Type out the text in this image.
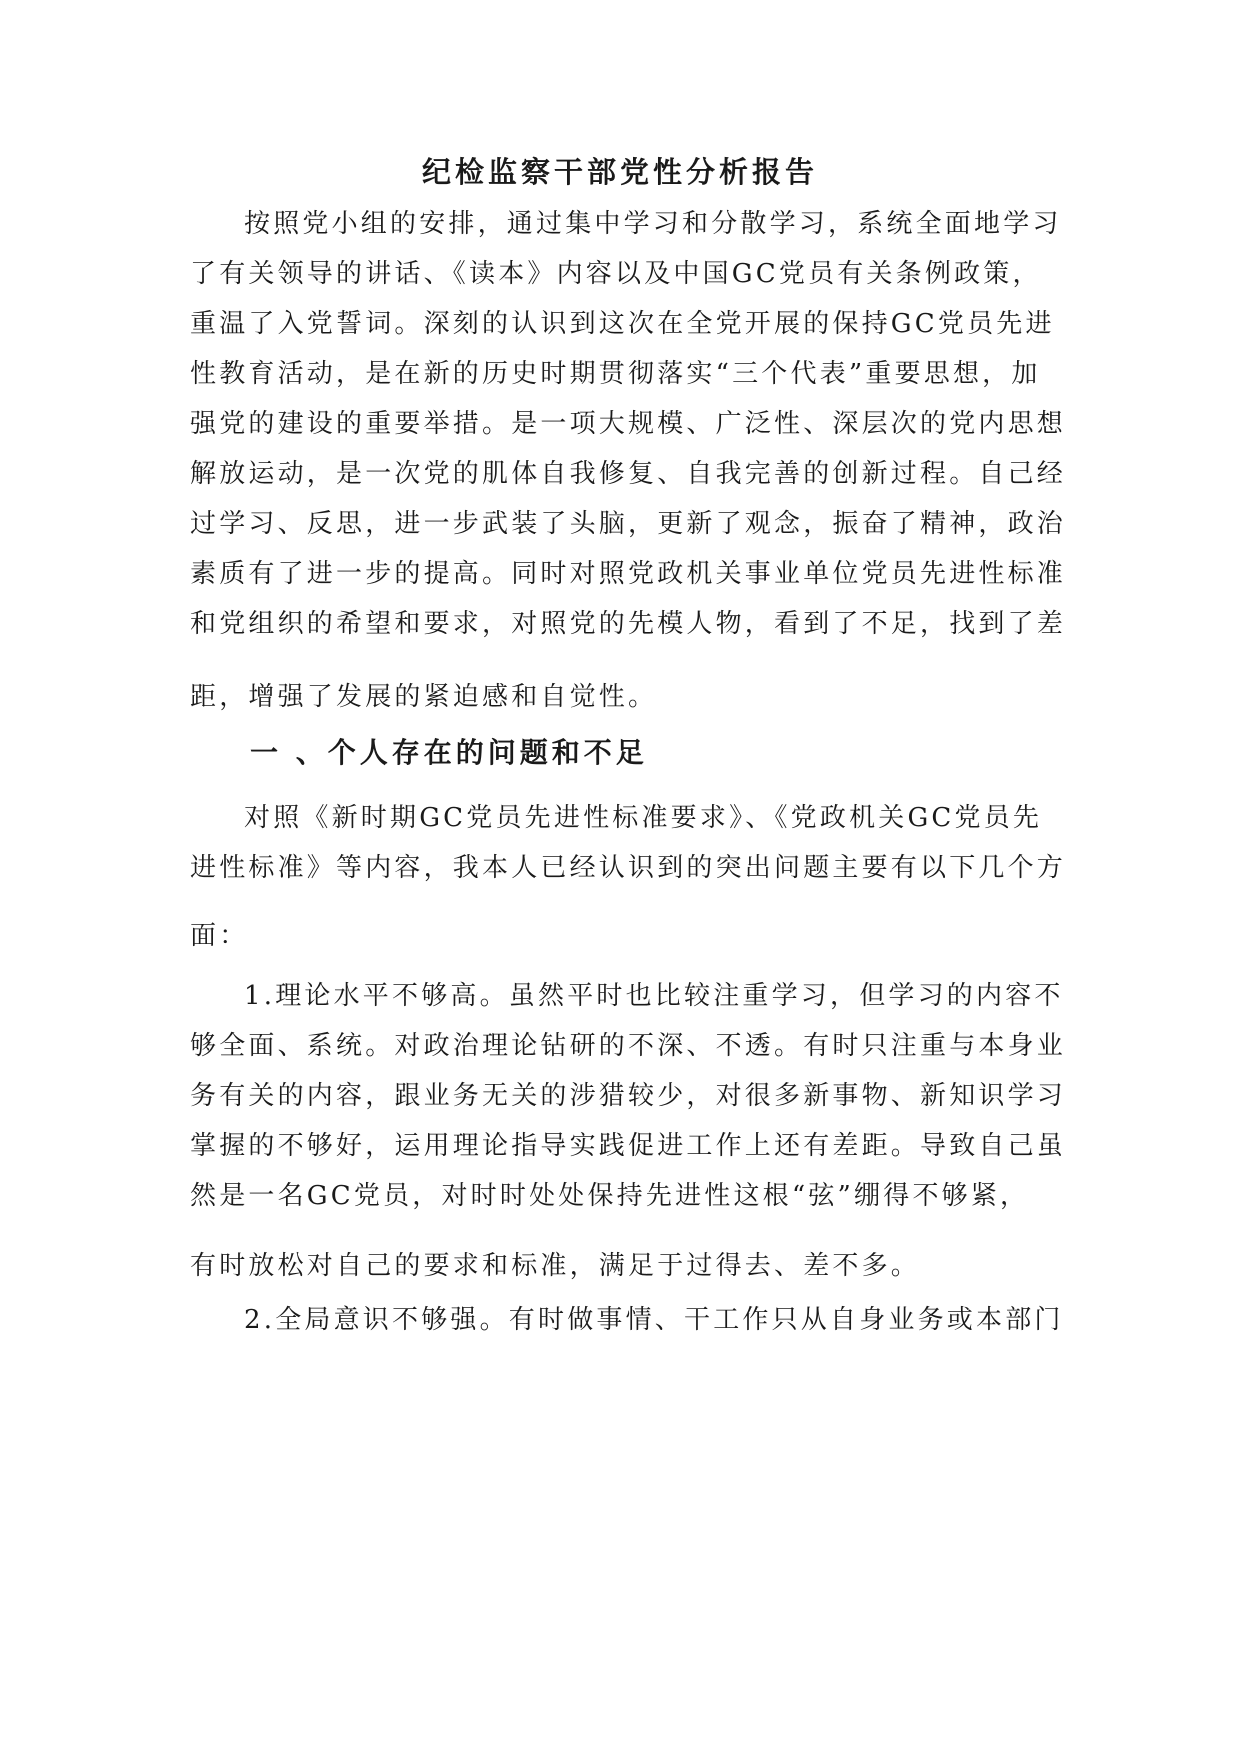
纪检监察干部党性分析报告
按照党小组的安排，通过集中学习和分散学习，系统全面地学习
了有关领导的讲话、《读本》内容以及中国GC党员有关条例政策，
重温了入党誓词。深刻的认识到这次在全党开展的保持GC党员先进
性教育活动，是在新的历史时期贯彻落实“三个代表”重要思想，加
强党的建设的重要举措。是一项大规模、广泛性、深层次的党内思想
解放运动，是一次党的肌体自我修复、自我完善的创新过程。自己经
过学习、反思，进一步武装了头脑，更新了观念，振奋了精神，政治
素质有了进一步的提高。同时对照党政机关事业单位党员先进性标准
和党组织的希望和要求，对照党的先模人物，看到了不足，找到了差
距，增强了发展的紧迫感和自觉性。
一 、个人存在的问题和不足
对照《新时期GC党员先进性标准要求》、《党政机关GC党员先
进性标准》等内容，我本人已经认识到的突出问题主要有以下几个方
面：
1.理论水平不够高。虽然平时也比较注重学习，但学习的内容不
够全面、系统。对政治理论钻研的不深、不透。有时只注重与本身业
务有关的内容，跟业务无关的涉猎较少，对很多新事物、新知识学习
掌握的不够好，运用理论指导实践促进工作上还有差距。导致自己虽
然是一名GC党员，对时时处处保持先进性这根“弦”绷得不够紧，
有时放松对自己的要求和标准，满足于过得去、差不多。
2.全局意识不够强。有时做事情、干工作只从自身业务或本部门
